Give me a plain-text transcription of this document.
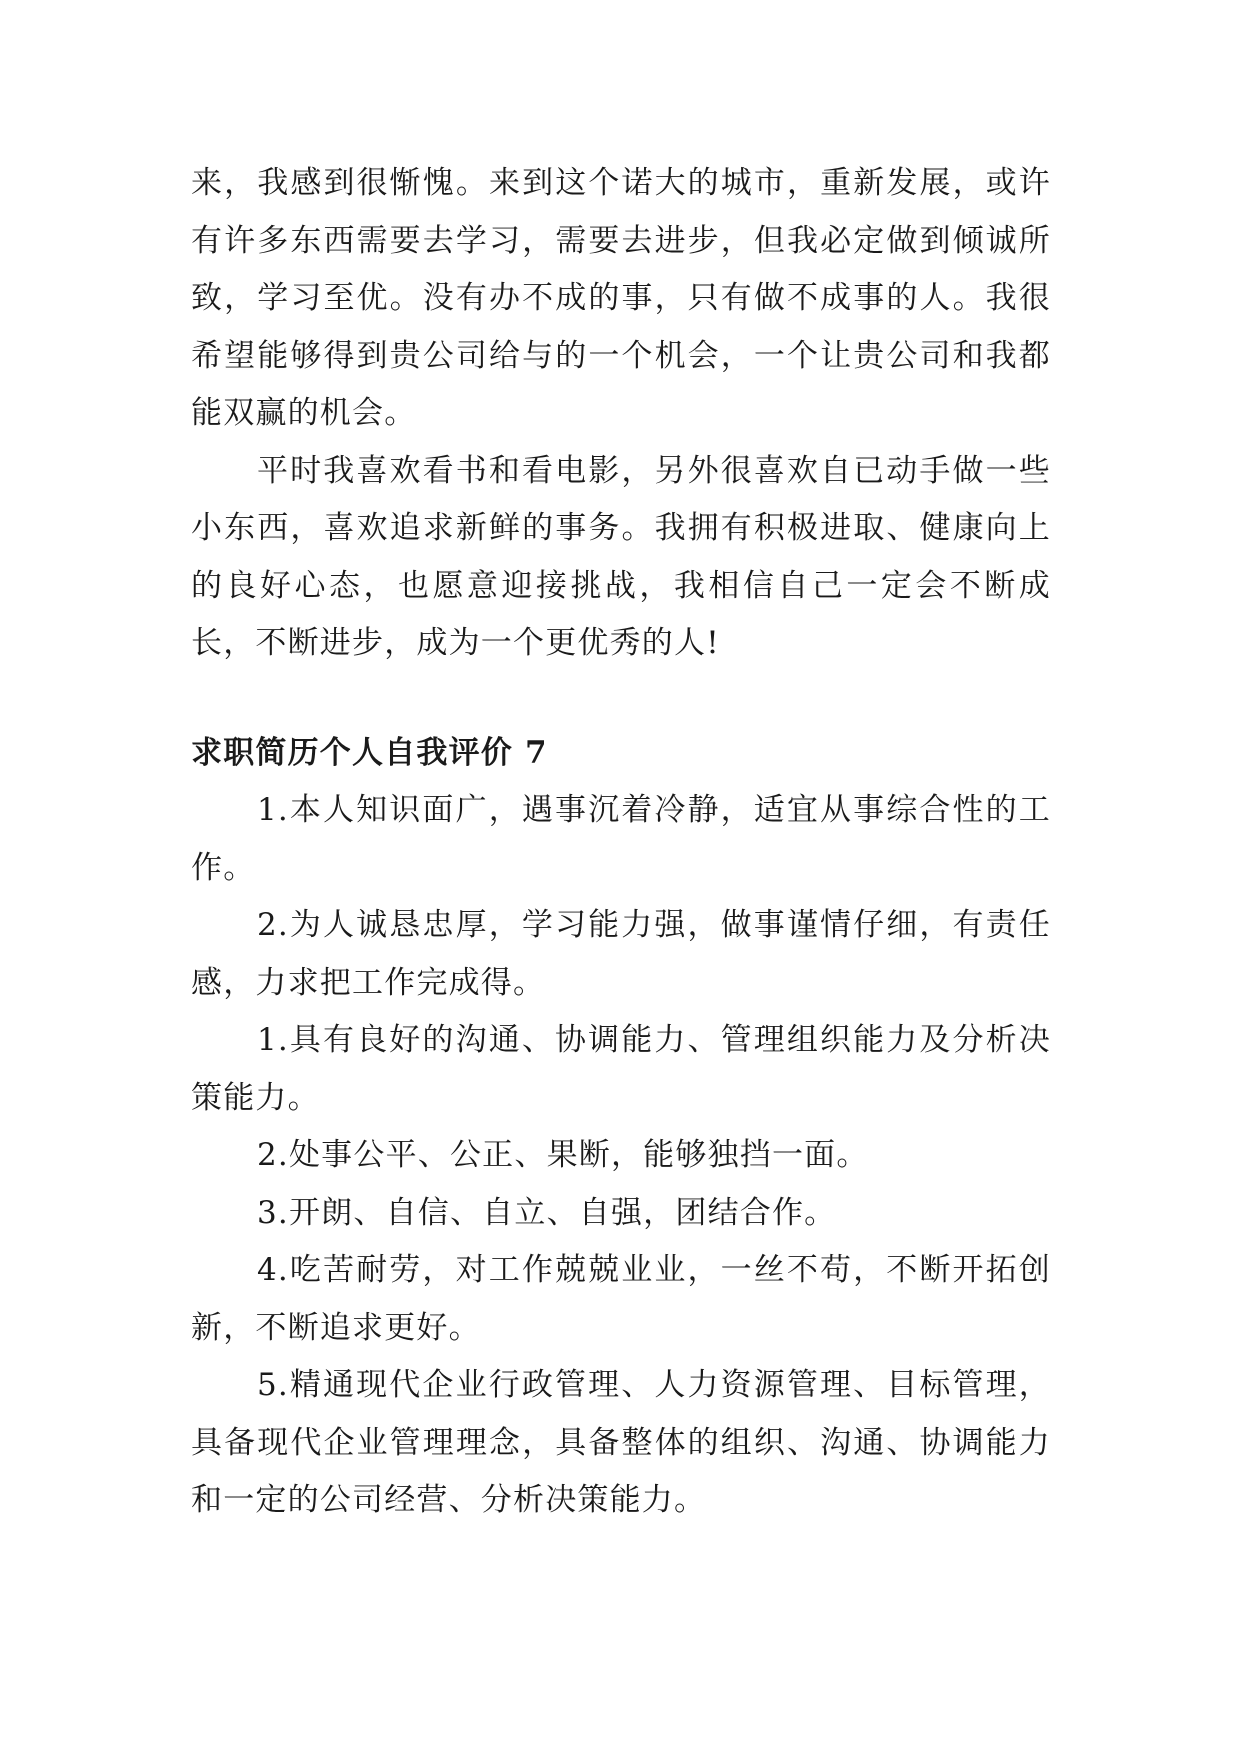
来，我感到很惭愧。来到这个诺大的城市，重新发展，或许有许多东西需要去学习，需要去进步，但我必定做到倾诚所致，学习至优。没有办不成的事，只有做不成事的人。我很希望能够得到贵公司给与的一个机会，一个让贵公司和我都能双赢的机会。

平时我喜欢看书和看电影，另外很喜欢自已动手做一些小东西，喜欢追求新鲜的事务。我拥有积极进取、健康向上的良好心态，也愿意迎接挑战，我相信自己一定会不断成长，不断进步，成为一个更优秀的人!

求职简历个人自我评价 7

1.本人知识面广，遇事沉着冷静，适宜从事综合性的工作。

2.为人诚恳忠厚，学习能力强，做事谨情仔细，有责任感，力求把工作完成得。

1.具有良好的沟通、协调能力、管理组织能力及分析决策能力。

2.处事公平、公正、果断，能够独挡一面。

3.开朗、自信、自立、自强，团结合作。

4.吃苦耐劳，对工作兢兢业业，一丝不苟，不断开拓创新，不断追求更好。

5.精通现代企业行政管理、人力资源管理、目标管理，具备现代企业管理理念，具备整体的组织、沟通、协调能力和一定的公司经营、分析决策能力。
